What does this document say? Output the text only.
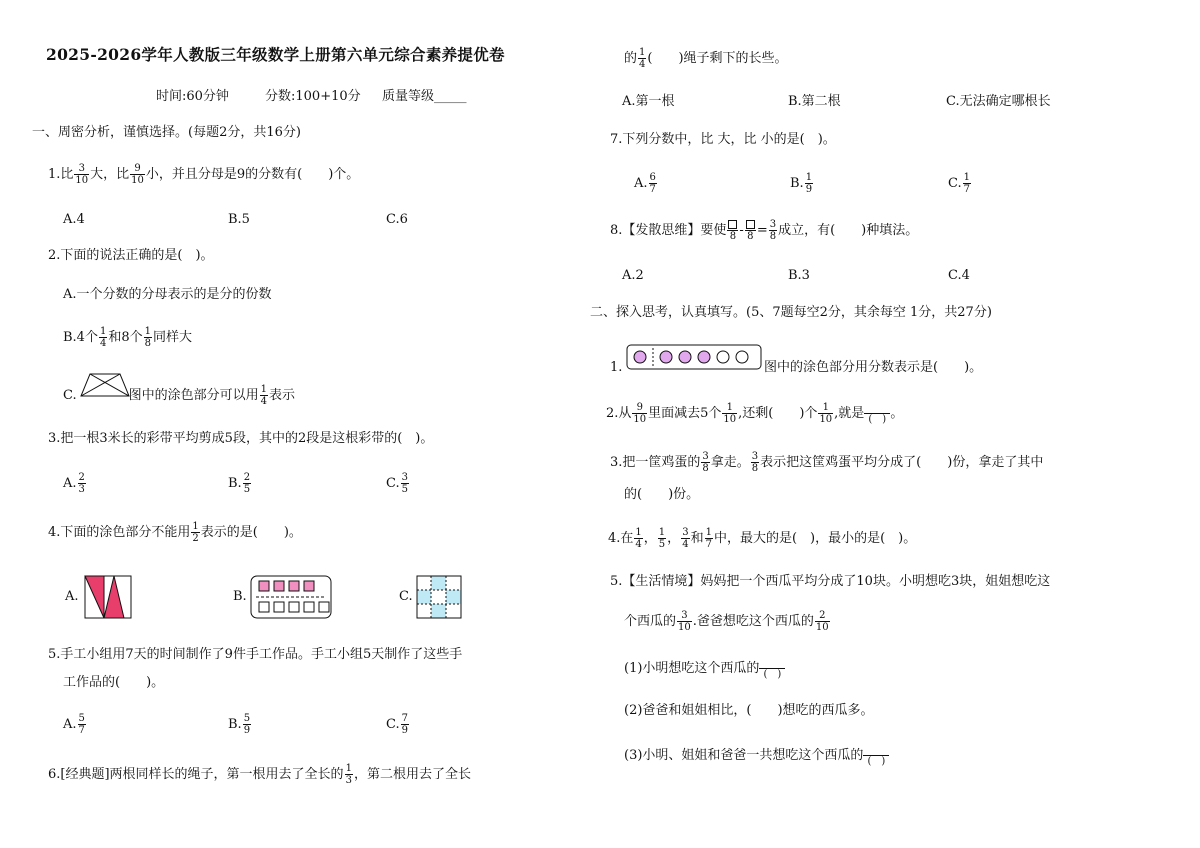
2025-2026学年人教版三年级数学上册第六单元综合素养提优卷
时间:60分钟	分数:100+10分 质量等级_____
一、周密分析，谨慎选择。(每题2分，共16分)
1.比 $\frac{3}{10}$ 大，比 $\frac{9}{10}$ 小，并且分母是9的分数有(　　)个。
A.4	B.5	C.6
2.下面的说法正确的是(　)。
A.一个分数的分母表示的是分的份数
B.4个 $\frac{1}{4}$ 和8个 $\frac{1}{8}$ 同样大
C.	图中的涂色部分可以用 $\frac{1}{4}$ 表示
3.把一根3米长的彩带平均剪成5段，其中的2段是这根彩带的(　)。
A. $\frac{2}{3}$	B. $\frac{2}{5}$	C. $\frac{3}{5}$
4.下面的涂色部分不能用 $\frac{1}{2}$ 表示的是(　　)。
A.	B.	C.
5.手工小组用7天的时间制作了9件手工作品。手工小组5天制作了这些手
工作品的(　　)。
A. $\frac{5}{7}$	B. $\frac{5}{9}$	C. $\frac{7}{9}$
6.[经典题]两根同样长的绳子，第一根用去了全长的 $\frac{1}{3}$ ，第二根用去了全长
的 $\frac{1}{4}$ (　　)绳子剩下的长些。
A.第一根	B.第二根	C.无法确定哪根长
7.下列分数中，比 大，比 小的是(　)。
A. $\frac{6}{7}$	B. $\frac{1}{9}$	C. $\frac{1}{7}$
8.【发散思维】要使 $8 - 8 = \frac{3}{8}$ 成立，有(　　)种填法。
A.2	B.3	C.4
二、探入思考，认真填写。(5、7题每空2分，其余每空 1分，共27分)
1.	图中的涂色部分用分数表示是(　　)。
2.从 $\frac{9}{10}$ 里面减去5个 $\frac{1}{10}$ ,还剩(　　)个 $\frac{1}{10}$ ,就是 (　) 。
3.把一筐鸡蛋的 $\frac{3}{8}$ 拿走。 $\frac{3}{8}$ 表示把这筐鸡蛋平均分成了(　　)份，拿走了其中
的(　　)份。
4.在 $\frac{1}{4}$ ， $\frac{1}{5}$ ， $\frac{3}{4}$ 和 $\frac{1}{7}$ 中，最大的是(　)，最小的是(　)。
5.【生活情境】妈妈把一个西瓜平均分成了10块。小明想吃3块，姐姐想吃这
个西瓜的 $\frac{3}{10}$ .爸爸想吃这个西瓜的 $\frac{2}{10}$
(1)小明想吃这个西瓜的 (　)
(2)爸爸和姐姐相比，(　　)想吃的西瓜多。
(3)小明、姐姐和爸爸一共想吃这个西瓜的 (　)
